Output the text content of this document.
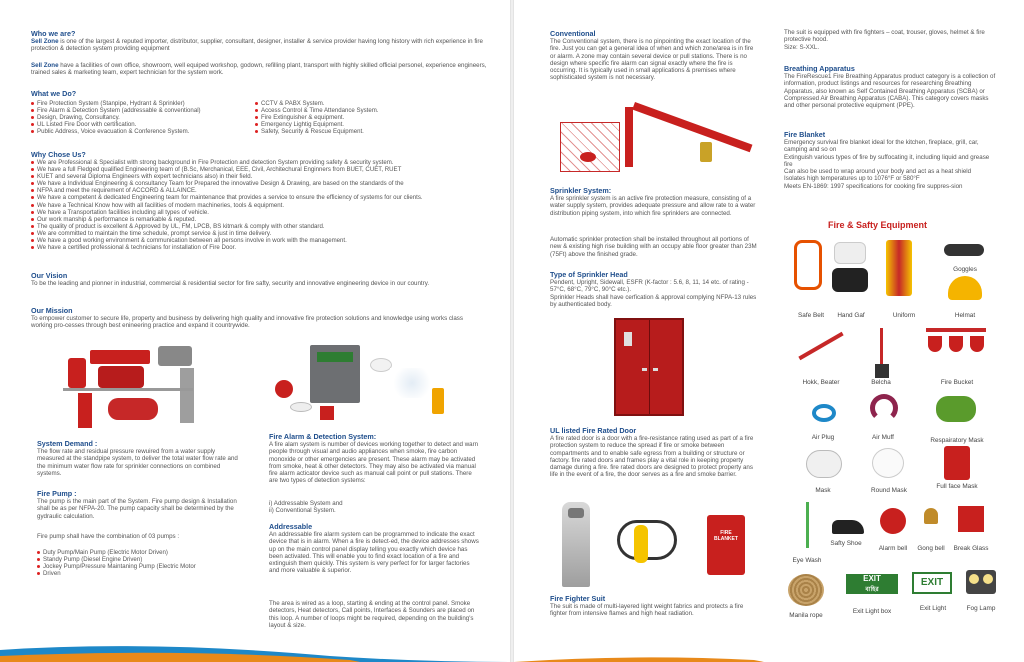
Who we are?
Sell Zone is one of the largest & reputed importer, distributor, supplier, consultant, designer, installer & service provider having long history with rich experience in fire protection & detection system providing equipment
Sell Zone have a facilities of own office, showroom, well equiped workshop, godown, refilling plant, transport with highly skilled official personel, experience engineers, trained sales & marketing team, expert technician for the system work.
What we Do?
Fire Protection System (Stanpipe, Hydrant & Sprinkler)
Fire Alarm & Detection System (addressable & conventional)
Design, Drawing, Consultancy.
UL Listed Fire Door with certification.
Public Address, Voice evacuation & Conference System.
CCTV & PABX System.
Access Control & Time Attendance System.
Fire Extinguisher & equipment.
Emergency Lightig Equipment.
Safety, Security & Rescue Equipment.
Why Chose Us?
We are Professional & Specialist with strong background in Fire Protection and detection System providing safety & security system.
We have a full Fledged qualified Engineering team of (B.Sc, Merchanical, EEE, Civil, Architechural Enginners from BUET, CUET, RUET
KUET and several Diploma Engineers with expert technicians also) in their field.
We have a Individual Engineering & consultancy Team for Prepared the innovative Design & Drawing, are based on the standards of the
NFPA and meet the requirement of ACCORD & ALLAINCE.
We have a competent & dedicated Engineering team for maintenance that provides a service to ensure the efficiency of systems for our clients.
We have a Technical Know how with all facilities of modern machineries, tools & equipment.
We have a Transportation facilities including all types of vehicle.
Our work manship & performance is remarkable & reputed.
The quality of product is excellent & Approved by UL, FM, LPCB, BS kitmark & comply with other standard.
We are committed to maintain the time schedule, prompt service & just in time delivery.
We have a good working environment & communication between all persons involve in work with the management.
We have a certified professional & technicians for installation of Fire Door.
Our Vision
To be the leading and pionner in industrial, commercial & residential sector for fire safty, security and innovative engineering device in our country.
Our Mission
To empower customer to secure life, property and business by delivering high quality and innovative fire protection solutions and knowledge using works class working pro-cesses through best enineering practice and expand it countrywide.
System Demand :
The flow rate and residual pressure rewuired from a water supply measured at the standpipe system, to deliver the total water flow rate and the minimum water flow rate for sprinkler connections on combined systems.
Fire Pump :
The pump is the main part of the System. Fire pump design & Installation shall be as per NFPA-20. The pump capacity shall be determined by the gydraulic calculation.
Fire pump shall have the combination of 03 pumps :
Duty Pump/Main Pump (Electric Motor Driven)
Standy Pump (Diesel Engine Driven)
Jockey Pump/Pressure Maintaning Pump (Electric Motor
Driven
Fire Alarm & Detection System:
A fire alam system is number of devices working together to detect and warn people through visual and audio appliances when smoke, fire carbon monoxide or other emergencies are present. These alarm may be activated from smoke, heat & other detectors. They may also be activated via manual fire alarm acticator device such as manual call point or pull stations. There are two types of detection systems:
i) Addressable System and
ii) Conventional System.
Addressable
An addressable fire alarm system can be programmed to indicate the exact device that is in alarm. When a fire is detect-ed, the device addresses shows up on the main control panel display telling you exactly which device has been activated. This will enable you to find exact location of a fire and extinguish them quickly. This system is very perfect for for larger factories and more valuable & superior.
The area is wired as a loop, starting & ending at the control panel. Smoke detectors, Heat detectors, Call points, Interfaces & Sounders are placed on this loop. A number of loops might be required, depending on the building's layout & size.
Conventional
The Conventional system, there is no pinpointing the exact location of the fire. Just you can get a general idea of when and which zone/area is in fire or alarm. A zone may contain several device or pull stations. There is no design where specific fire alarm can signal exactly where the fire is occurring. It is typically used in small applications & premises where sophisticated system is not necessary.
Sprinkler System:
A fire sprinkler system is an active fire protection measure, consisting of a water supply system, provides adequate pressure and allow rate to a water distribution piping system, into which fire sprinklers are connected.
Automatic sprinkler protection shall be installed throughout all portions of new & existing high rise building with an occupy able floor greater than 23M (75Ft) above the finished grade.
Type of Sprinkler Head
Pendent, Upright, Sidewall, ESFR (K-factor : 5.6, 8, 11, 14 etc. of rating - 57°C, 68°C, 79°C, 90°C etc.).
Sprinkler Heads shall have cerfication & approval complying NFPA-13 rules by authenticated body.
UL listed Fire Rated Door
A fire rated door is a door with a fire-resistance rating used as part of a fire protection system to reduce the spread if fire or smoke between compartments and to enable safe egress from a building or structure or factory. fire rated doors and frames play a vital role in keeping property damage during a fire. fire rated doors are designed to protect property ans life in the event of a fire, the door serves as a fire and smoke barrier.
FIRE BLANKET
Fire Fighter Suit
The suit is made of multi-layered light weight fabrics and protects a fire fighter from intensive flames and high heat radiation.
The suit is equipped with fire fighters – coat, trouser, gloves, helmet & fire protective hood.
Size: S-XXL.
Breathing Apparatus
The FireRescue1 Fire Breathing Apparatus product category is a collection of information, product listings and resources for researching Breathing Apparatus, also known as Self Contained Breathing Apparatus (SCBA) or Compressed Air Breathing Apparatus (CABA). This category covers masks and other personal protective equipment (PPE).
Fire Blanket
Emergency survival fire blanket ideal for the kitchen, fireplace, grill, car, camping and so on
Extinguish various types of fire by suffocating it, including liquid and grease fire
Can also be used to wrap around your body and act as a heat shield
Isolates high temperatures up to 1076°F or 580°F
Meets EN-1869: 1997 specifications for cooking fire suppres-sion
Fire & Safty Equipment
Safe Belt	Hand Gaf	Uniform
Goggles
Helmat
Hokk, Beater	Belcha	Fire Bucket
Air Plug	Air Muff	Respairatory Mask
Mask	Round Mask
Full face Mask
Eye Wash
Safty Shoe
Alarm bell	Gong bell	Break Glass
EXIT
বাহির
EXIT
Manila rope
Exit Light box	Exit Light	Fog Lamp
